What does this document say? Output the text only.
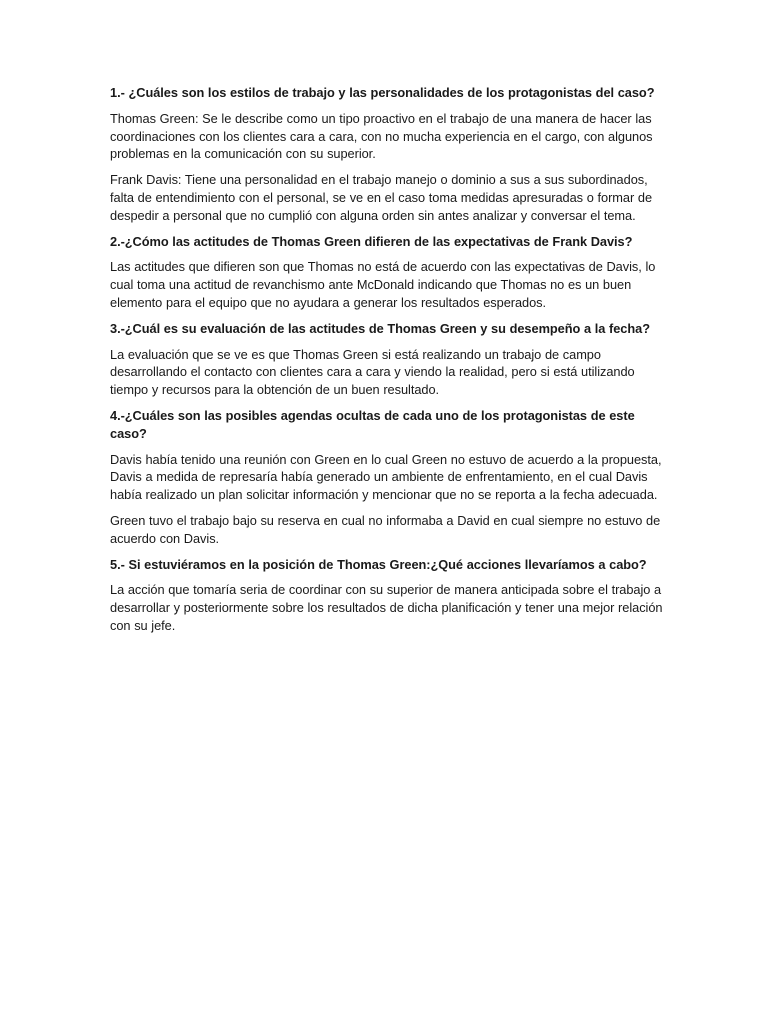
1.- ¿Cuáles son los estilos de trabajo y las personalidades de los protagonistas del caso?

Thomas Green: Se le describe como un tipo proactivo en el trabajo de una manera de hacer las coordinaciones con los clientes cara a cara, con no mucha experiencia en el cargo, con algunos problemas en la comunicación con su superior.

Frank Davis: Tiene una personalidad en el trabajo manejo o dominio a sus a sus subordinados, falta de entendimiento con el personal, se ve en el caso toma medidas apresuradas o formar de despedir a personal que no cumplió con alguna orden sin antes analizar y conversar el tema.

2.-¿Cómo las actitudes de Thomas Green difieren de las expectativas de Frank Davis?

Las actitudes que difieren son que Thomas no está de acuerdo con las expectativas de Davis, lo cual toma una actitud de revanchismo ante McDonald indicando que Thomas no es un buen elemento para el equipo que no ayudara a generar los resultados esperados.

3.-¿Cuál es su evaluación de las actitudes de Thomas Green y su desempeño a la fecha?

La evaluación que se ve es que Thomas Green si está realizando un trabajo de campo desarrollando el contacto con clientes cara a cara y viendo la realidad, pero si está utilizando tiempo y recursos para la obtención de un buen resultado.

4.-¿Cuáles son las posibles agendas ocultas de cada uno de los protagonistas de este caso?

Davis había tenido una reunión con Green en lo cual Green no estuvo de acuerdo a la propuesta, Davis a medida de represaría había generado un ambiente de enfrentamiento, en el cual Davis había realizado un plan solicitar información y mencionar que no se reporta a la fecha adecuada.

Green tuvo el trabajo bajo su reserva en cual no informaba a David en cual siempre no estuvo de acuerdo con Davis.

5.- Si estuviéramos en la posición de Thomas Green:¿Qué acciones llevaríamos a cabo?

La acción que tomaría seria de coordinar con su superior de manera anticipada sobre el trabajo a desarrollar y posteriormente sobre los resultados de dicha planificación y tener una mejor relación con su jefe.
